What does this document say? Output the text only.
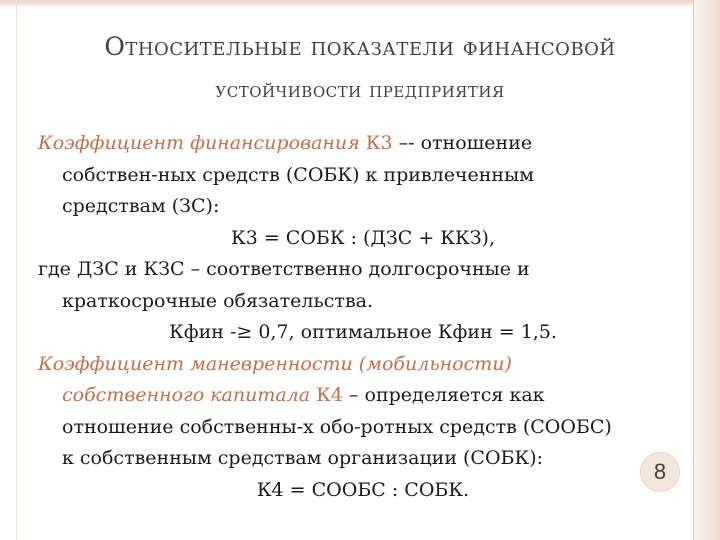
Относительные показатели финансовой
устойчивости предприятия
Коэффициент финансирования К3 –- отношение
собствен-ных средств (СОБК) к привлеченным
средствам (ЗС):
К3 = СОБК : (ДЗС + ККЗ),
где ДЗС и КЗС – соответственно долгосрочные и
краткосрочные обязательства.
Кфин -≥ 0,7, оптимальное Кфин = 1,5.
Коэффициент маневренности (мобильности)
собственного капитала К4 – определяется как
отношение собственны-х обо-ротных средств (СООБС)
к собственным средствам организации (СОБК):
К4 = СООБС : СОБК.
8
